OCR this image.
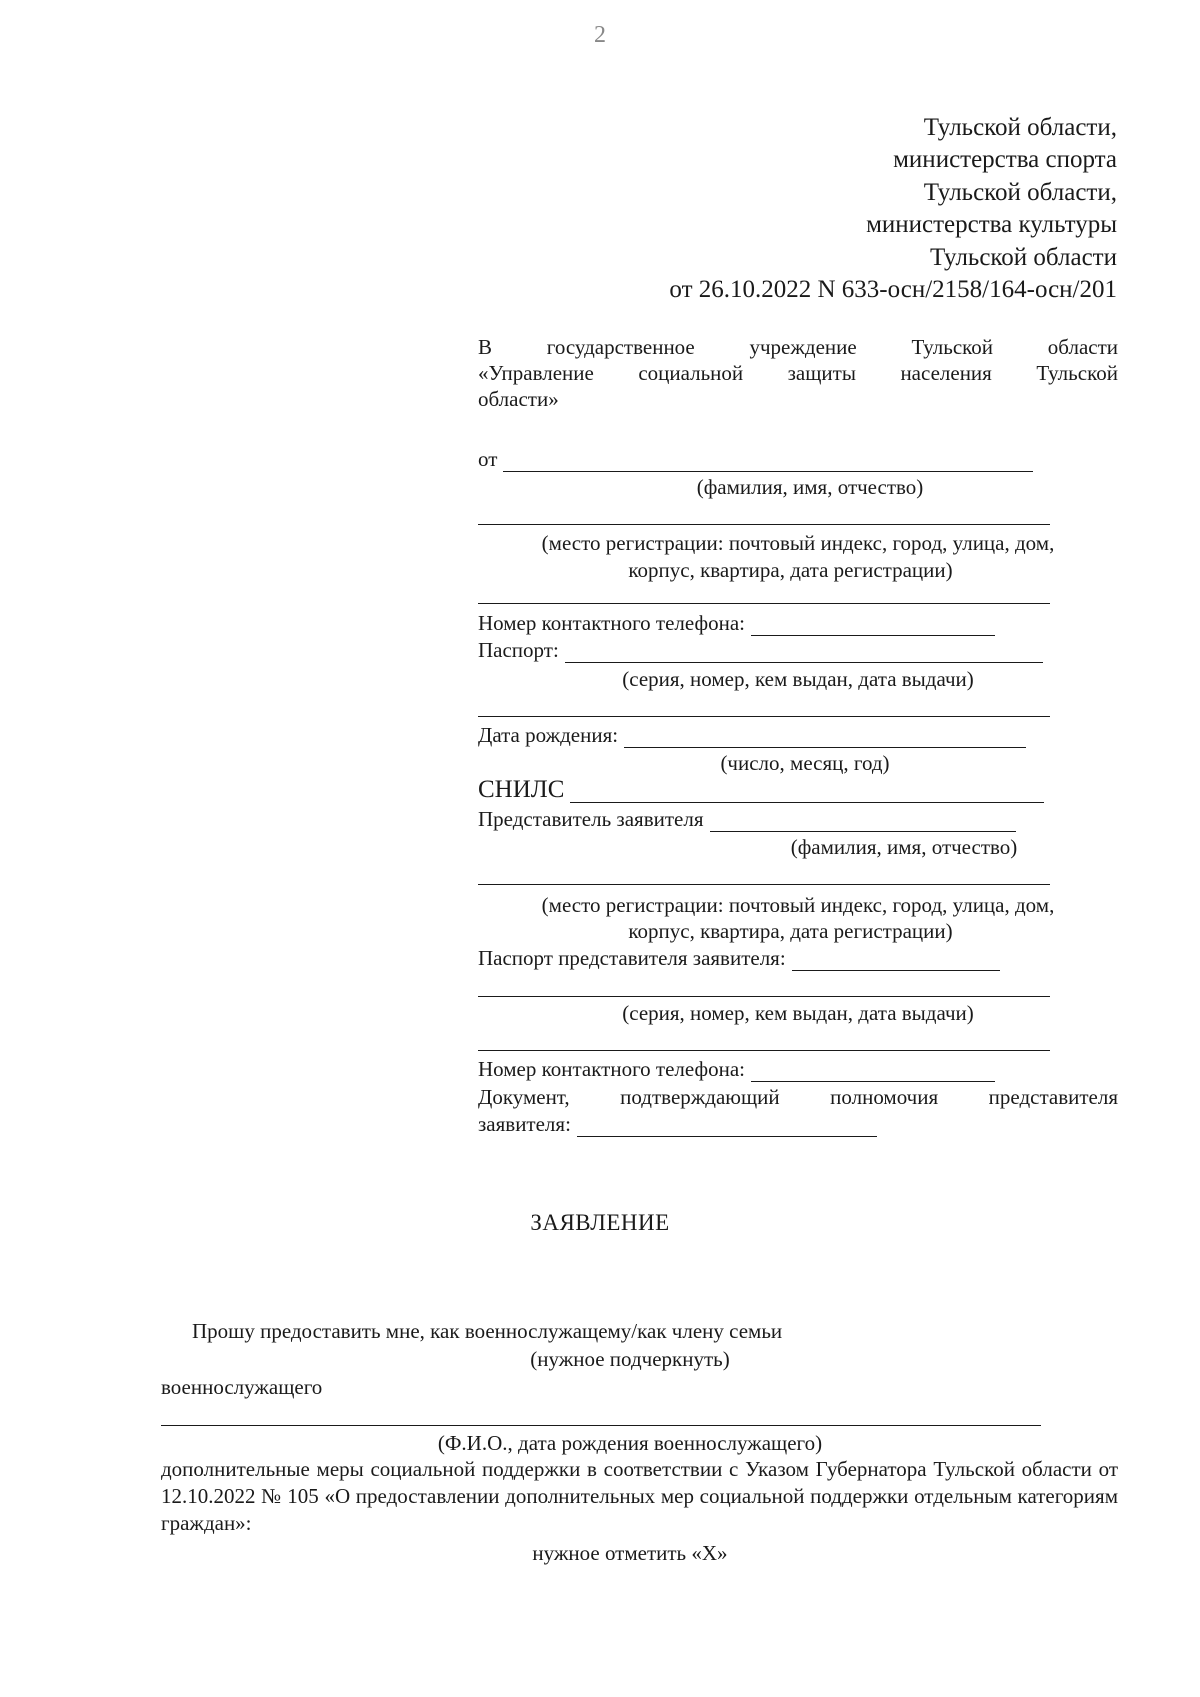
2
Тульской области,
министерства спорта
Тульской области,
министерства культуры
Тульской области
от 26.10.2022 N 633-осн/2158/164-осн/201
В	государственное	учреждение	Тульской	области
«Управление социальной защиты населения Тульской
области»
от
(фамилия, имя, отчество)
(место регистрации: почтовый индекс, город, улица, дом,
корпус, квартира, дата регистрации)
Номер контактного телефона:
Паспорт:
(серия, номер, кем выдан, дата выдачи)
Дата рождения:
(число, месяц, год)
СНИЛС
Представитель заявителя
(фамилия, имя, отчество)
(место регистрации: почтовый индекс, город, улица, дом,
корпус, квартира, дата регистрации)
Паспорт представителя заявителя:
(серия, номер, кем выдан, дата выдачи)
Номер контактного телефона:
Документ, подтверждающий полномочия представителя
заявителя:
ЗАЯВЛЕНИЕ
Прошу предоставить мне, как военнослужащему/как члену семьи
(нужное подчеркнуть)
военнослужащего
(Ф.И.О., дата рождения военнослужащего)
дополнительные меры социальной поддержки в соответствии с Указом Губернатора Тульской области от 12.10.2022 № 105 «О предоставлении дополнительных мер социальной поддержки отдельным категориям граждан»:
нужное отметить «Х»
